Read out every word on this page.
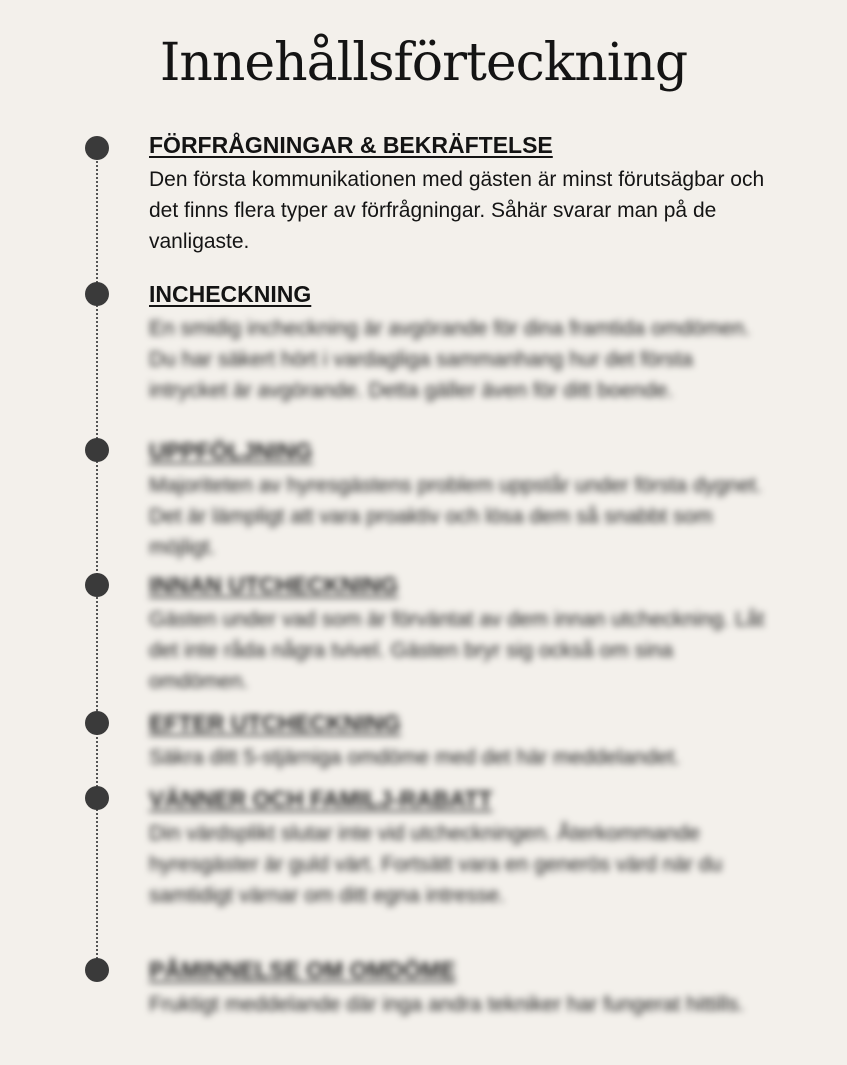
Innehållsförteckning
FÖRFRÅGNINGAR & BEKRÄFTELSE

Den första kommunikationen med gästen är minst förutsägbar och det finns flera typer av förfrågningar. Såhär svarar man på de vanligaste.

INCHECKNING

En smidig incheckning är avgörande för dina framtida omdömen. Du har säkert hört i vardagliga sammanhang hur det första intrycket är avgörande. Detta gäller även för ditt boende.

UPPFÖLJNING

Majoriteten av hyresgästens problem uppstår under första dygnet. Det är lämpligt att vara proaktiv och lösa dem så snabbt som möjligt.

INNAN UTCHECKNING

Gästen under vad som är förväntat av dem innan utcheckning. Låt det inte råda några tvivel. Gästen bryr sig också om sina omdömen.

EFTER UTCHECKNING

Säkra ditt 5-stjärniga omdöme med det här meddelandet.

VÄNNER OCH FAMILJ-RABATT

Din värdsplikt slutar inte vid utcheckningen. Återkommande hyresgäster är guld värt. Fortsätt vara en generös värd när du samtidigt värnar om ditt egna intresse.

PÅMINNELSE OM OMDÖME

Fruktigt meddelande där inga andra tekniker har fungerat hittills.
